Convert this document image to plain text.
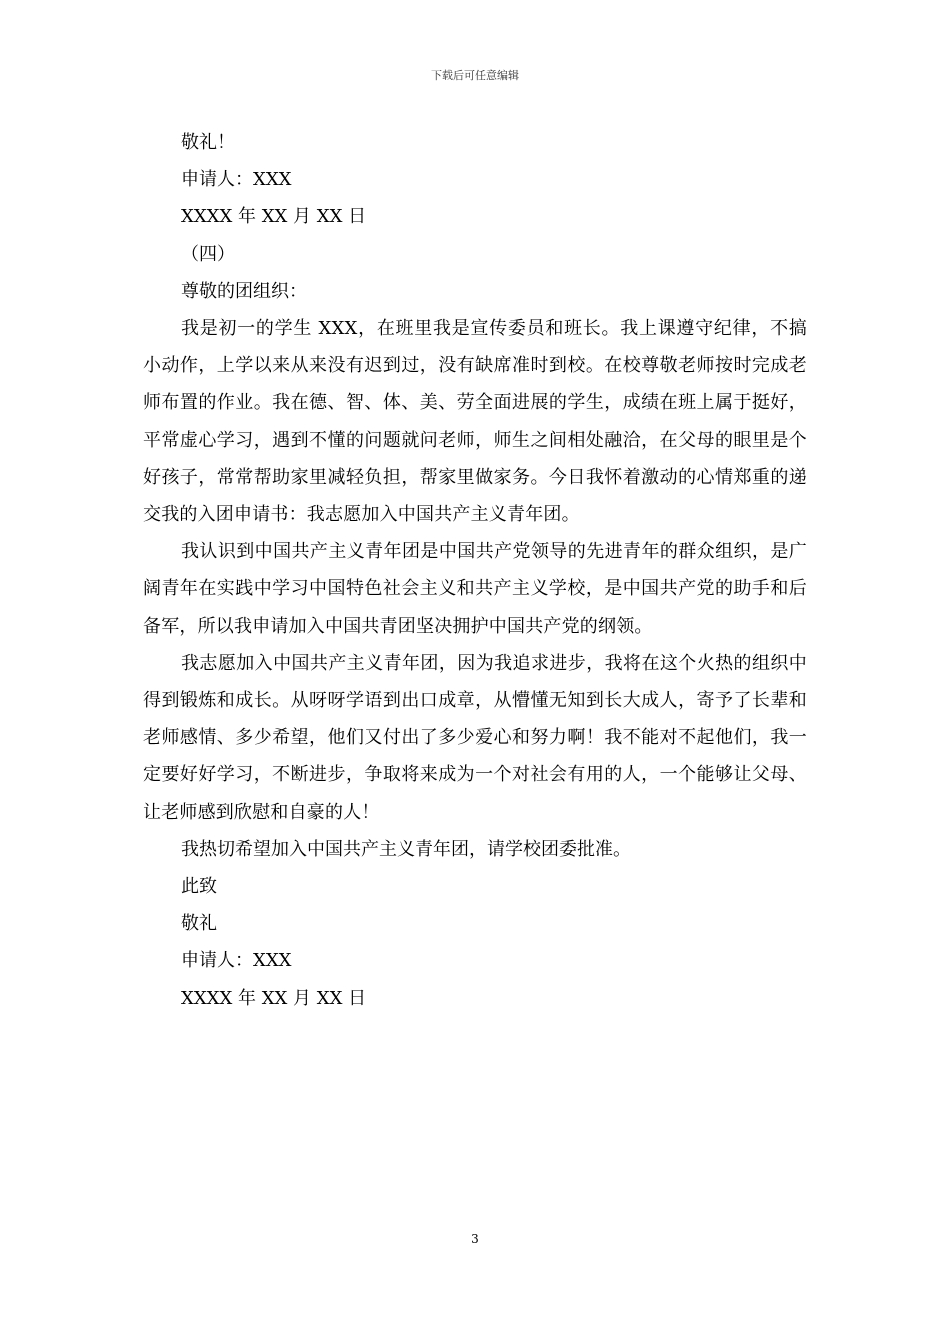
下载后可任意编辑

敬礼！

申请人：XXX

XXXX 年 XX 月 XX 日

（四）

尊敬的团组织：

我是初一的学生 XXX，在班里我是宣传委员和班长。我上课遵守纪律，不搞小动作，上学以来从来没有迟到过，没有缺席准时到校。在校尊敬老师按时完成老师布置的作业。我在德、智、体、美、劳全面进展的学生，成绩在班上属于挺好，平常虚心学习，遇到不懂的问题就问老师，师生之间相处融洽，在父母的眼里是个好孩子，常常帮助家里减轻负担，帮家里做家务。今日我怀着激动的心情郑重的递交我的入团申请书：我志愿加入中国共产主义青年团。

我认识到中国共产主义青年团是中国共产党领导的先进青年的群众组织，是广阔青年在实践中学习中国特色社会主义和共产主义学校，是中国共产党的助手和后备军，所以我申请加入中国共青团坚决拥护中国共产党的纲领。

我志愿加入中国共产主义青年团，因为我追求进步，我将在这个火热的组织中得到锻炼和成长。从呀呀学语到出口成章，从懵懂无知到长大成人，寄予了长辈和老师感情、多少希望，他们又付出了多少爱心和努力啊！我不能对不起他们，我一定要好好学习，不断进步，争取将来成为一个对社会有用的人，一个能够让父母、让老师感到欣慰和自豪的人！

我热切希望加入中国共产主义青年团，请学校团委批准。

此致

敬礼

申请人：XXX

XXXX 年 XX 月 XX 日

3
